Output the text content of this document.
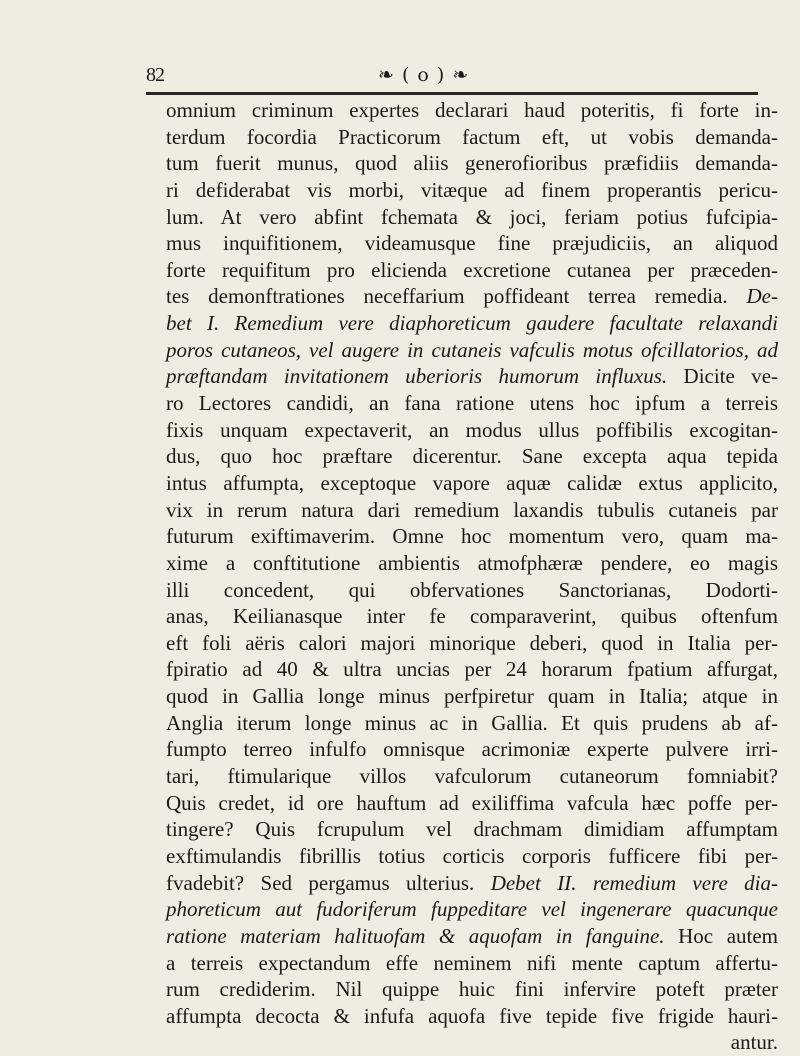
82	❧ ( o ) ❧
omnium criminum expertes declarari haud poteritis, fi forte in-
terdum focordia Practicorum factum eft, ut vobis demanda-
tum fuerit munus, quod aliis generofioribus præfidiis demanda-
ri defiderabat vis morbi, vitæque ad finem properantis pericu-
lum. At vero abfint fchemata & joci, feriam potius fufcipia-
mus inquifitionem, videamusque fine præjudiciis, an aliquod
forte requifitum pro elicienda excretione cutanea per præceden-
tes demonftrationes neceffarium poffideant terrea remedia. De-
bet I. Remedium vere diaphoreticum gaudere facultate relaxandi
poros cutaneos, vel augere in cutaneis vafculis motus ofcillatorios, ad
præftandam invitationem uberioris humorum influxus. Dicite ve-
ro Lectores candidi, an fana ratione utens hoc ipfum a terreis
fixis unquam expectaverit, an modus ullus poffibilis excogitan-
dus, quo hoc præftare dicerentur. Sane excepta aqua tepida
intus affumpta, exceptoque vapore aquæ calidæ extus applicito,
vix in rerum natura dari remedium laxandis tubulis cutaneis par
futurum exiftimaverim. Omne hoc momentum vero, quam ma-
xime a conftitutione ambientis atmofphæræ pendere, eo magis
illi concedent, qui obfervationes Sanctorianas, Dodorti-
anas, Keilianasque inter fe comparaverint, quibus oftenfum
eft foli aëris calori majori minorique deberi, quod in Italia per-
fpiratio ad 40 & ultra uncias per 24 horarum fpatium affurgat,
quod in Gallia longe minus perfpiretur quam in Italia; atque in
Anglia iterum longe minus ac in Gallia. Et quis prudens ab af-
fumpto terreo infulfo omnisque acrimoniæ experte pulvere irri-
tari, ftimularique villos vafculorum cutaneorum fomniabit?
Quis credet, id ore hauftum ad exiliffima vafcula hæc poffe per-
tingere? Quis fcrupulum vel drachmam dimidiam affumptam
exftimulandis fibrillis totius corticis corporis fufficere fibi per-
fvadebit? Sed pergamus ulterius. Debet II. remedium vere dia-
phoreticum aut fudoriferum fuppeditare vel ingenerare quacunque
ratione materiam halituofam & aquofam in fanguine. Hoc autem
a terreis expectandum effe neminem nifi mente captum affertu-
rum crediderim. Nil quippe huic fini infervire poteft præter
affumpta decocta & infufa aquofa five tepide five frigide hauri-
antur.
